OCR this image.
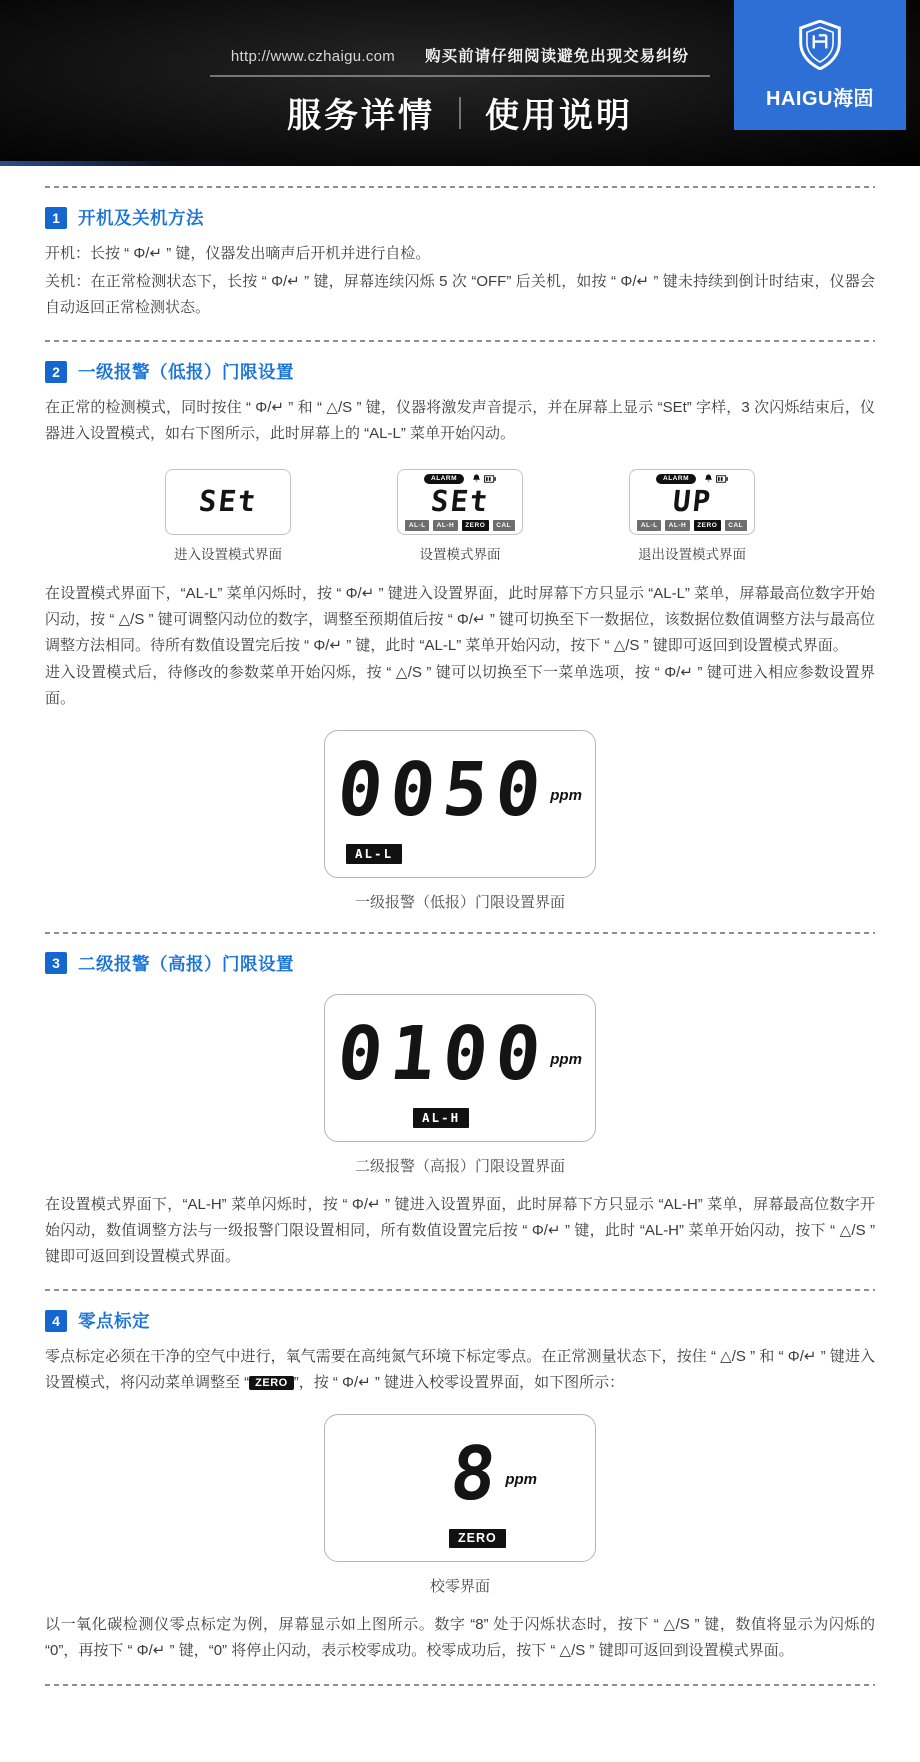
http://www.czhaigu.com 购买前请仔细阅读避免出现交易纠纷
服务详情 使用说明	HAIGU海固
1	开机及关机方法

开机：长按 “ Φ/↵ ” 键，仪器发出嘀声后开机并进行自检。

关机：在正常检测状态下，长按 “ Φ/↵ ” 键，屏幕连续闪烁 5 次 “OFF” 后关机，如按 “ Φ/↵ ” 键未持续到倒计时结束，仪器会自动返回正常检测状态。

2	一级报警（低报）门限设置

在正常的检测模式，同时按住 “ Φ/↵ ” 和 “ △/S ” 键，仪器将激发声音提示，并在屏幕上显示 “SEt” 字样，3 次闪烁结束后，仪器进入设置模式，如右下图所示，此时屏幕上的 “AL-L” 菜单开始闪动。

SEt
进入设置模式界面
ALARM
SEt
AL-L	AL-H	ZERO	CAL
设置模式界面
ALARM
UP
AL-L	AL-H	ZERO	CAL
退出设置模式界面

在设置模式界面下，“AL-L” 菜单闪烁时，按 “ Φ/↵ ” 键进入设置界面，此时屏幕下方只显示 “AL-L” 菜单，屏幕最高位数字开始闪动，按 “ △/S ” 键可调整闪动位的数字，调整至预期值后按 “ Φ/↵ ” 键可切换至下一数据位，该数据位数值调整方法与最高位调整方法相同。待所有数值设置完后按 “ Φ/↵ ” 键，此时 “AL-L” 菜单开始闪动，按下 “ △/S ” 键即可返回到设置模式界面。

进入设置模式后，待修改的参数菜单开始闪烁，按 “ △/S ” 键可以切换至下一菜单选项，按 “ Φ/↵ ” 键可进入相应参数设置界面。

0050
ppm
AL-L
一级报警（低报）门限设置界面
3	二级报警（高报）门限设置
0100
ppm
AL-H
二级报警（高报）门限设置界面

在设置模式界面下，“AL-H” 菜单闪烁时，按 “ Φ/↵ ” 键进入设置界面，此时屏幕下方只显示 “AL-H” 菜单，屏幕最高位数字开始闪动，数值调整方法与一级报警门限设置相同，所有数值设置完后按 “ Φ/↵ ” 键，此时 “AL-H” 菜单开始闪动，按下 “ △/S ” 键即可返回到设置模式界面。

4	零点标定

零点标定必须在干净的空气中进行，氧气需要在高纯氮气环境下标定零点。在正常测量状态下，按住 “ △/S ” 和 “ Φ/↵ ” 键进入设置模式，将闪动菜单调整至 “ ZERO ”，按 “ Φ/↵ ” 键进入校零设置界面，如下图所示：

8
ppm
ZERO
校零界面

以一氧化碳检测仪零点标定为例，屏幕显示如上图所示。数字 “8” 处于闪烁状态时，按下 “ △/S ” 键，数值将显示为闪烁的 “0”，再按下 “ Φ/↵ ” 键，“0” 将停止闪动，表示校零成功。校零成功后，按下 “ △/S ” 键即可返回到设置模式界面。
